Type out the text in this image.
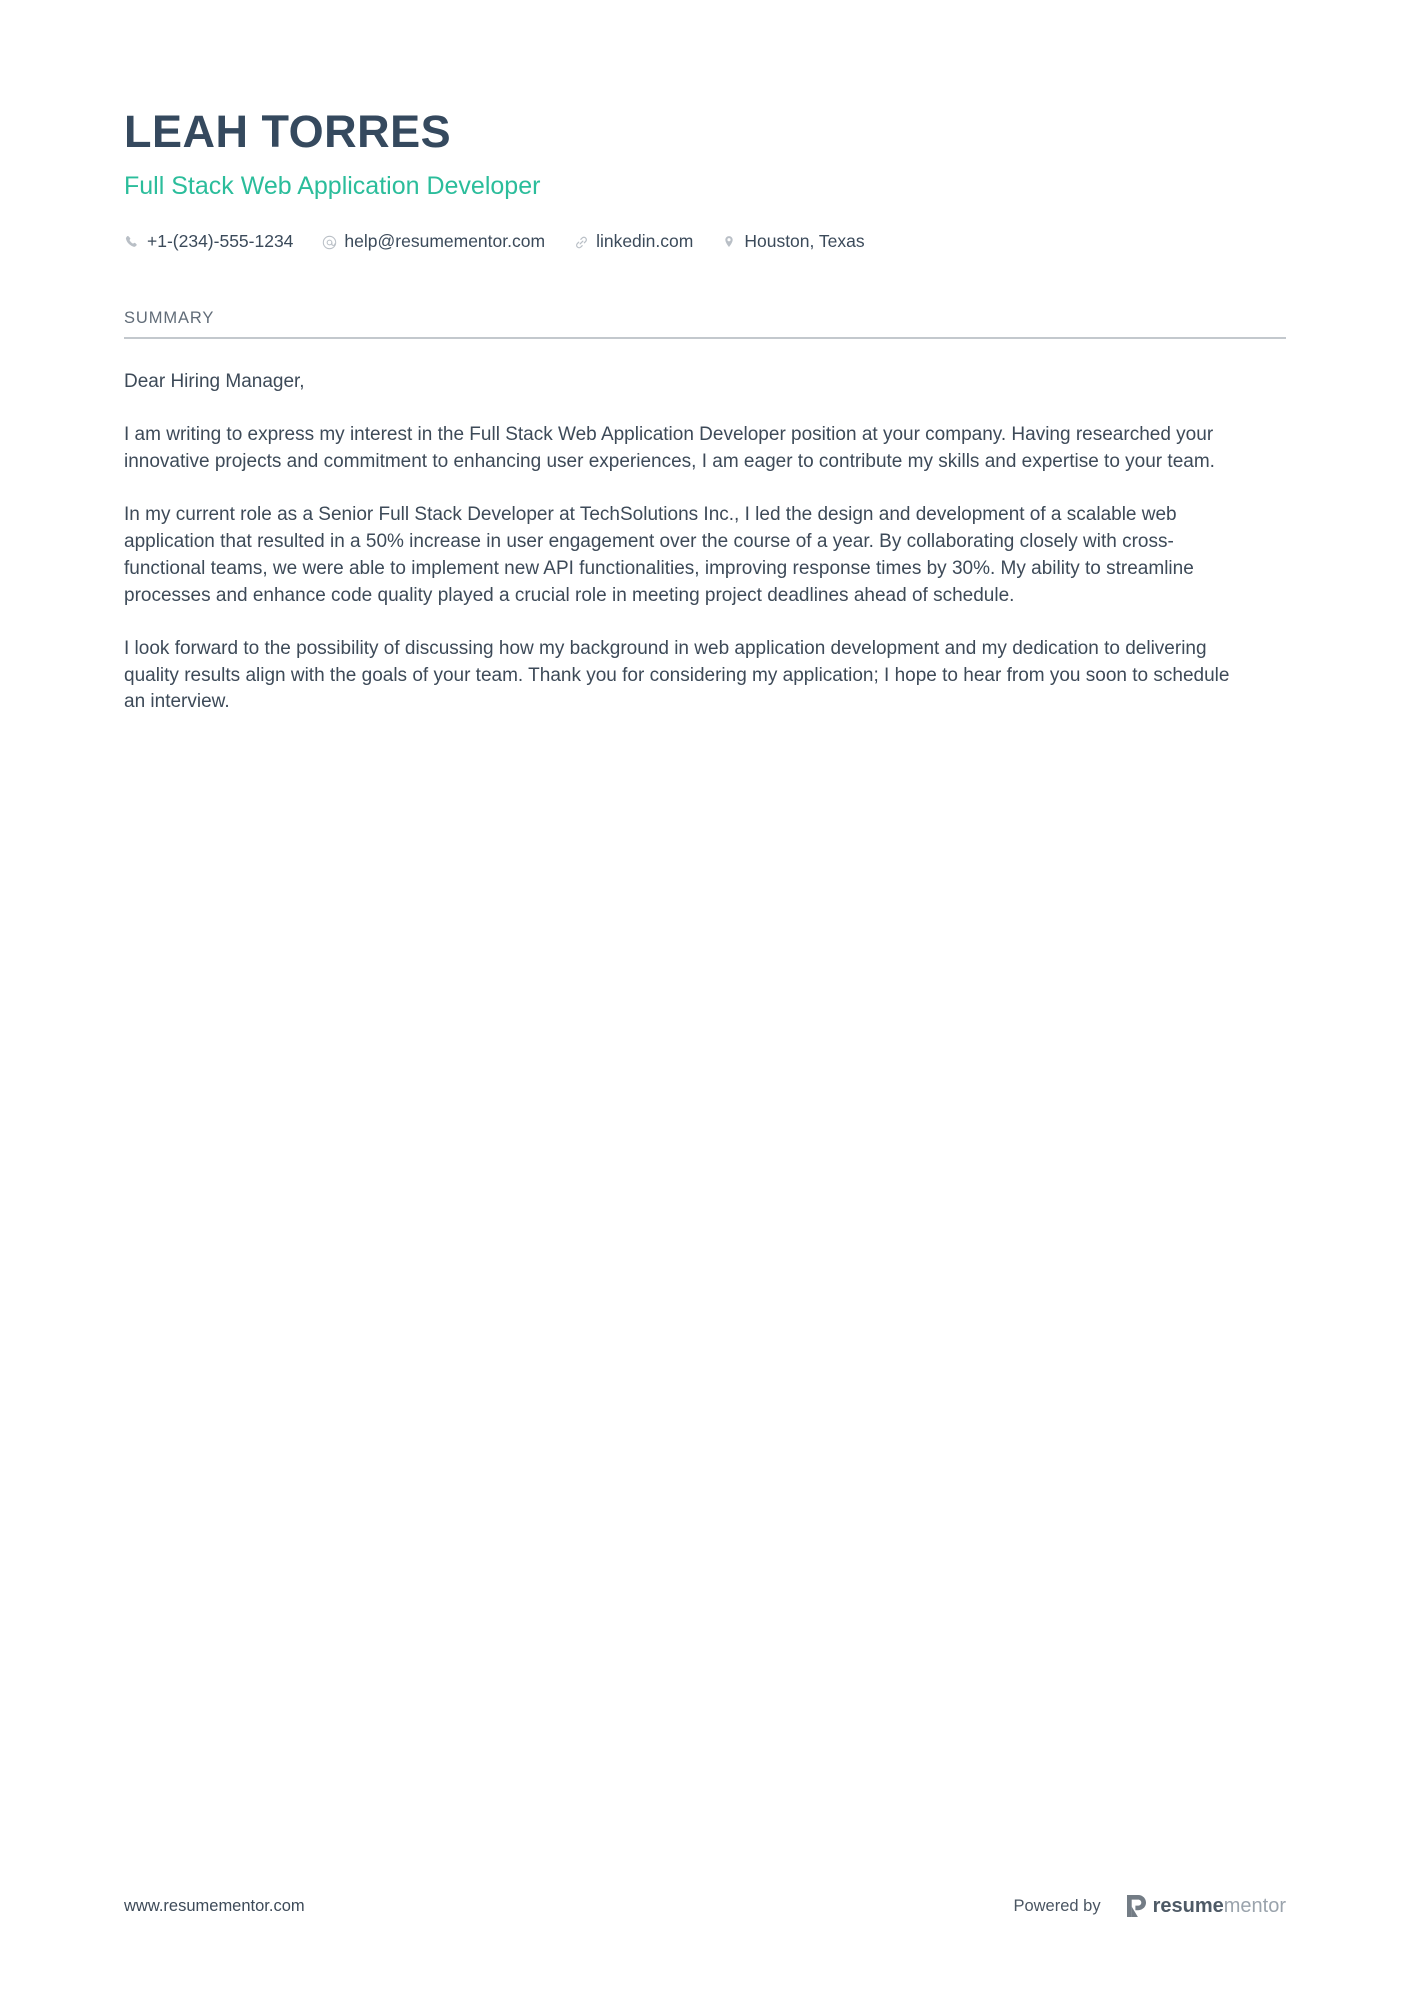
LEAH TORRES
Full Stack Web Application Developer
+1-(234)-555-1234	help@resumementor.com	linkedin.com	Houston, Texas
SUMMARY

Dear Hiring Manager,

I am writing to express my interest in the Full Stack Web Application Developer position at your company. Having researched your innovative projects and commitment to enhancing user experiences, I am eager to contribute my skills and expertise to your team.

In my current role as a Senior Full Stack Developer at TechSolutions Inc., I led the design and development of a scalable web application that resulted in a 50% increase in user engagement over the course of a year. By collaborating closely with cross-functional teams, we were able to implement new API functionalities, improving response times by 30%. My ability to streamline processes and enhance code quality played a crucial role in meeting project deadlines ahead of schedule.

I look forward to the possibility of discussing how my background in web application development and my dedication to delivering quality results align with the goals of your team. Thank you for considering my application; I hope to hear from you soon to schedule an interview.

www.resumementor.com	Powered by	resumementor
